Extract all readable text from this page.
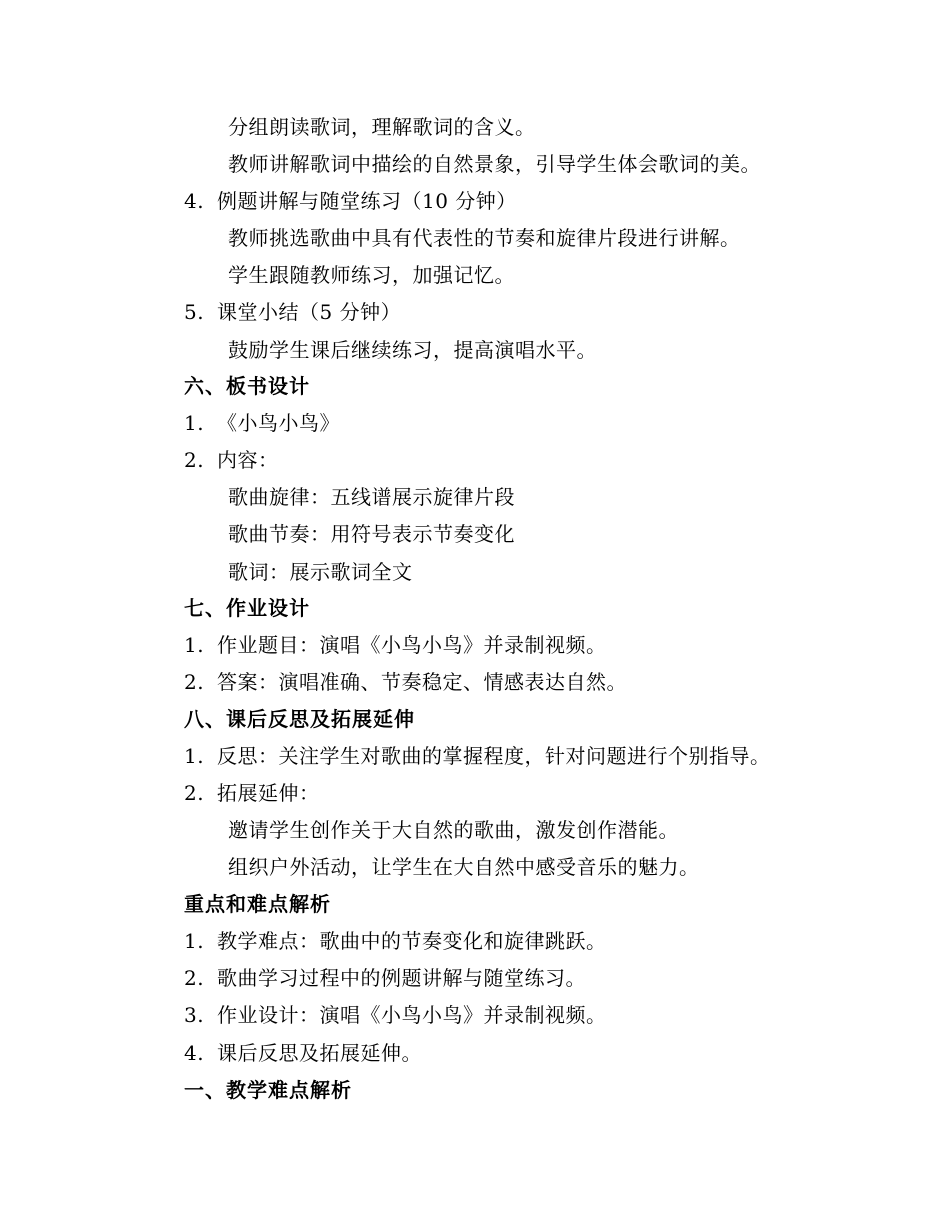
分组朗读歌词，理解歌词的含义。
教师讲解歌词中描绘的自然景象，引导学生体会歌词的美。
4. 例题讲解与随堂练习（10 分钟）
教师挑选歌曲中具有代表性的节奏和旋律片段进行讲解。
学生跟随教师练习，加强记忆。
5. 课堂小结（5 分钟）
鼓励学生课后继续练习，提高演唱水平。
六、板书设计
1. 《小鸟小鸟》
2. 内容：
歌曲旋律：五线谱展示旋律片段
歌曲节奏：用符号表示节奏变化
歌词：展示歌词全文
七、作业设计
1. 作业题目：演唱《小鸟小鸟》并录制视频。
2. 答案：演唱准确、节奏稳定、情感表达自然。
八、课后反思及拓展延伸
1. 反思：关注学生对歌曲的掌握程度，针对问题进行个别指导。
2. 拓展延伸：
邀请学生创作关于大自然的歌曲，激发创作潜能。
组织户外活动，让学生在大自然中感受音乐的魅力。
重点和难点解析
1. 教学难点：歌曲中的节奏变化和旋律跳跃。
2. 歌曲学习过程中的例题讲解与随堂练习。
3. 作业设计：演唱《小鸟小鸟》并录制视频。
4. 课后反思及拓展延伸。
一、教学难点解析
